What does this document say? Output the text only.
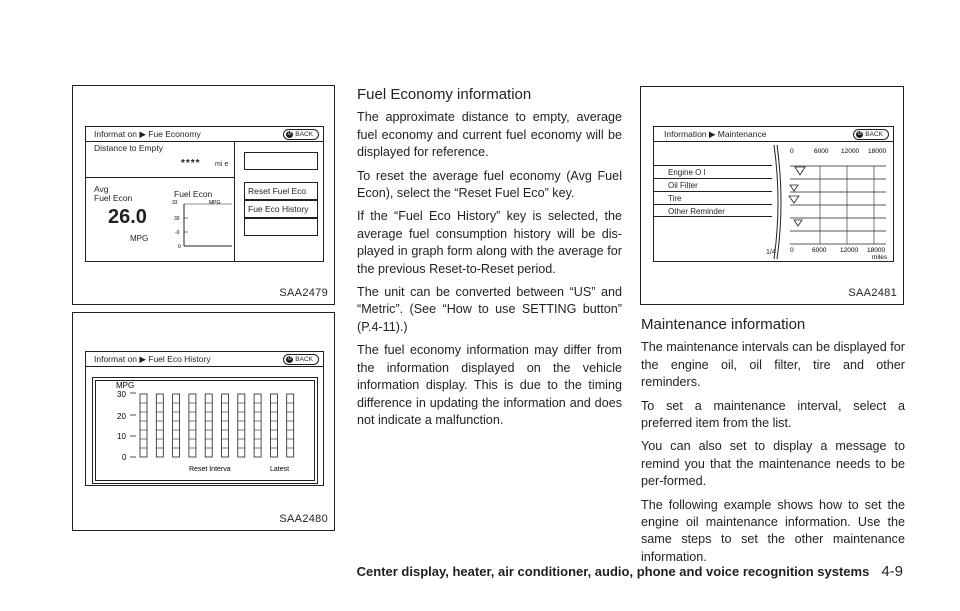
Informat on ▶ Fue Economy	↺ BACK
Distance to Empty
**** mi e
Avg
Fuel Econ
26.0
MPG
Fuel Econ
33	MPG
30
-0
0
Reset Fuel Eco
Fue Eco History
SAA2479
Informat on ▶ Fuel Eco History	↺ BACK
MPG
30
20
10
0
Reset Interva	Latest
SAA2480
Fuel Economy information

The approximate distance to empty, average fuel economy and current fuel economy will be displayed for reference.

To reset the average fuel economy (Avg Fuel Econ), select the “Reset Fuel Eco” key.

If the “Fuel Eco History” key is selected, the average fuel consumption history will be dis-played in graph form along with the average for the previous Reset-to-Reset period.

The unit can be converted between “US” and “Metric”. (See “How to use SETTING button” (P.4-11).)

The fuel economy information may differ from the information displayed on the vehicle information display. This is due to the timing difference in updating the information and does not indicate a malfunction.

Information ▶ Maintenance	↺ BACK
Engine O l
Oil Filter
Tire
Other Reminder
1/4
0	6000 12000 18000
0	6000 12000 18000
miles
SAA2481
Maintenance information

The maintenance intervals can be displayed for the engine oil, oil filter, tire and other reminders.

To set a maintenance interval, select a preferred item from the list.

You can also set to display a message to remind you that the maintenance needs to be per-formed.

The following example shows how to set the engine oil maintenance information. Use the same steps to set the other maintenance information.

Center display, heater, air conditioner, audio, phone and voice recognition systems 4-9
